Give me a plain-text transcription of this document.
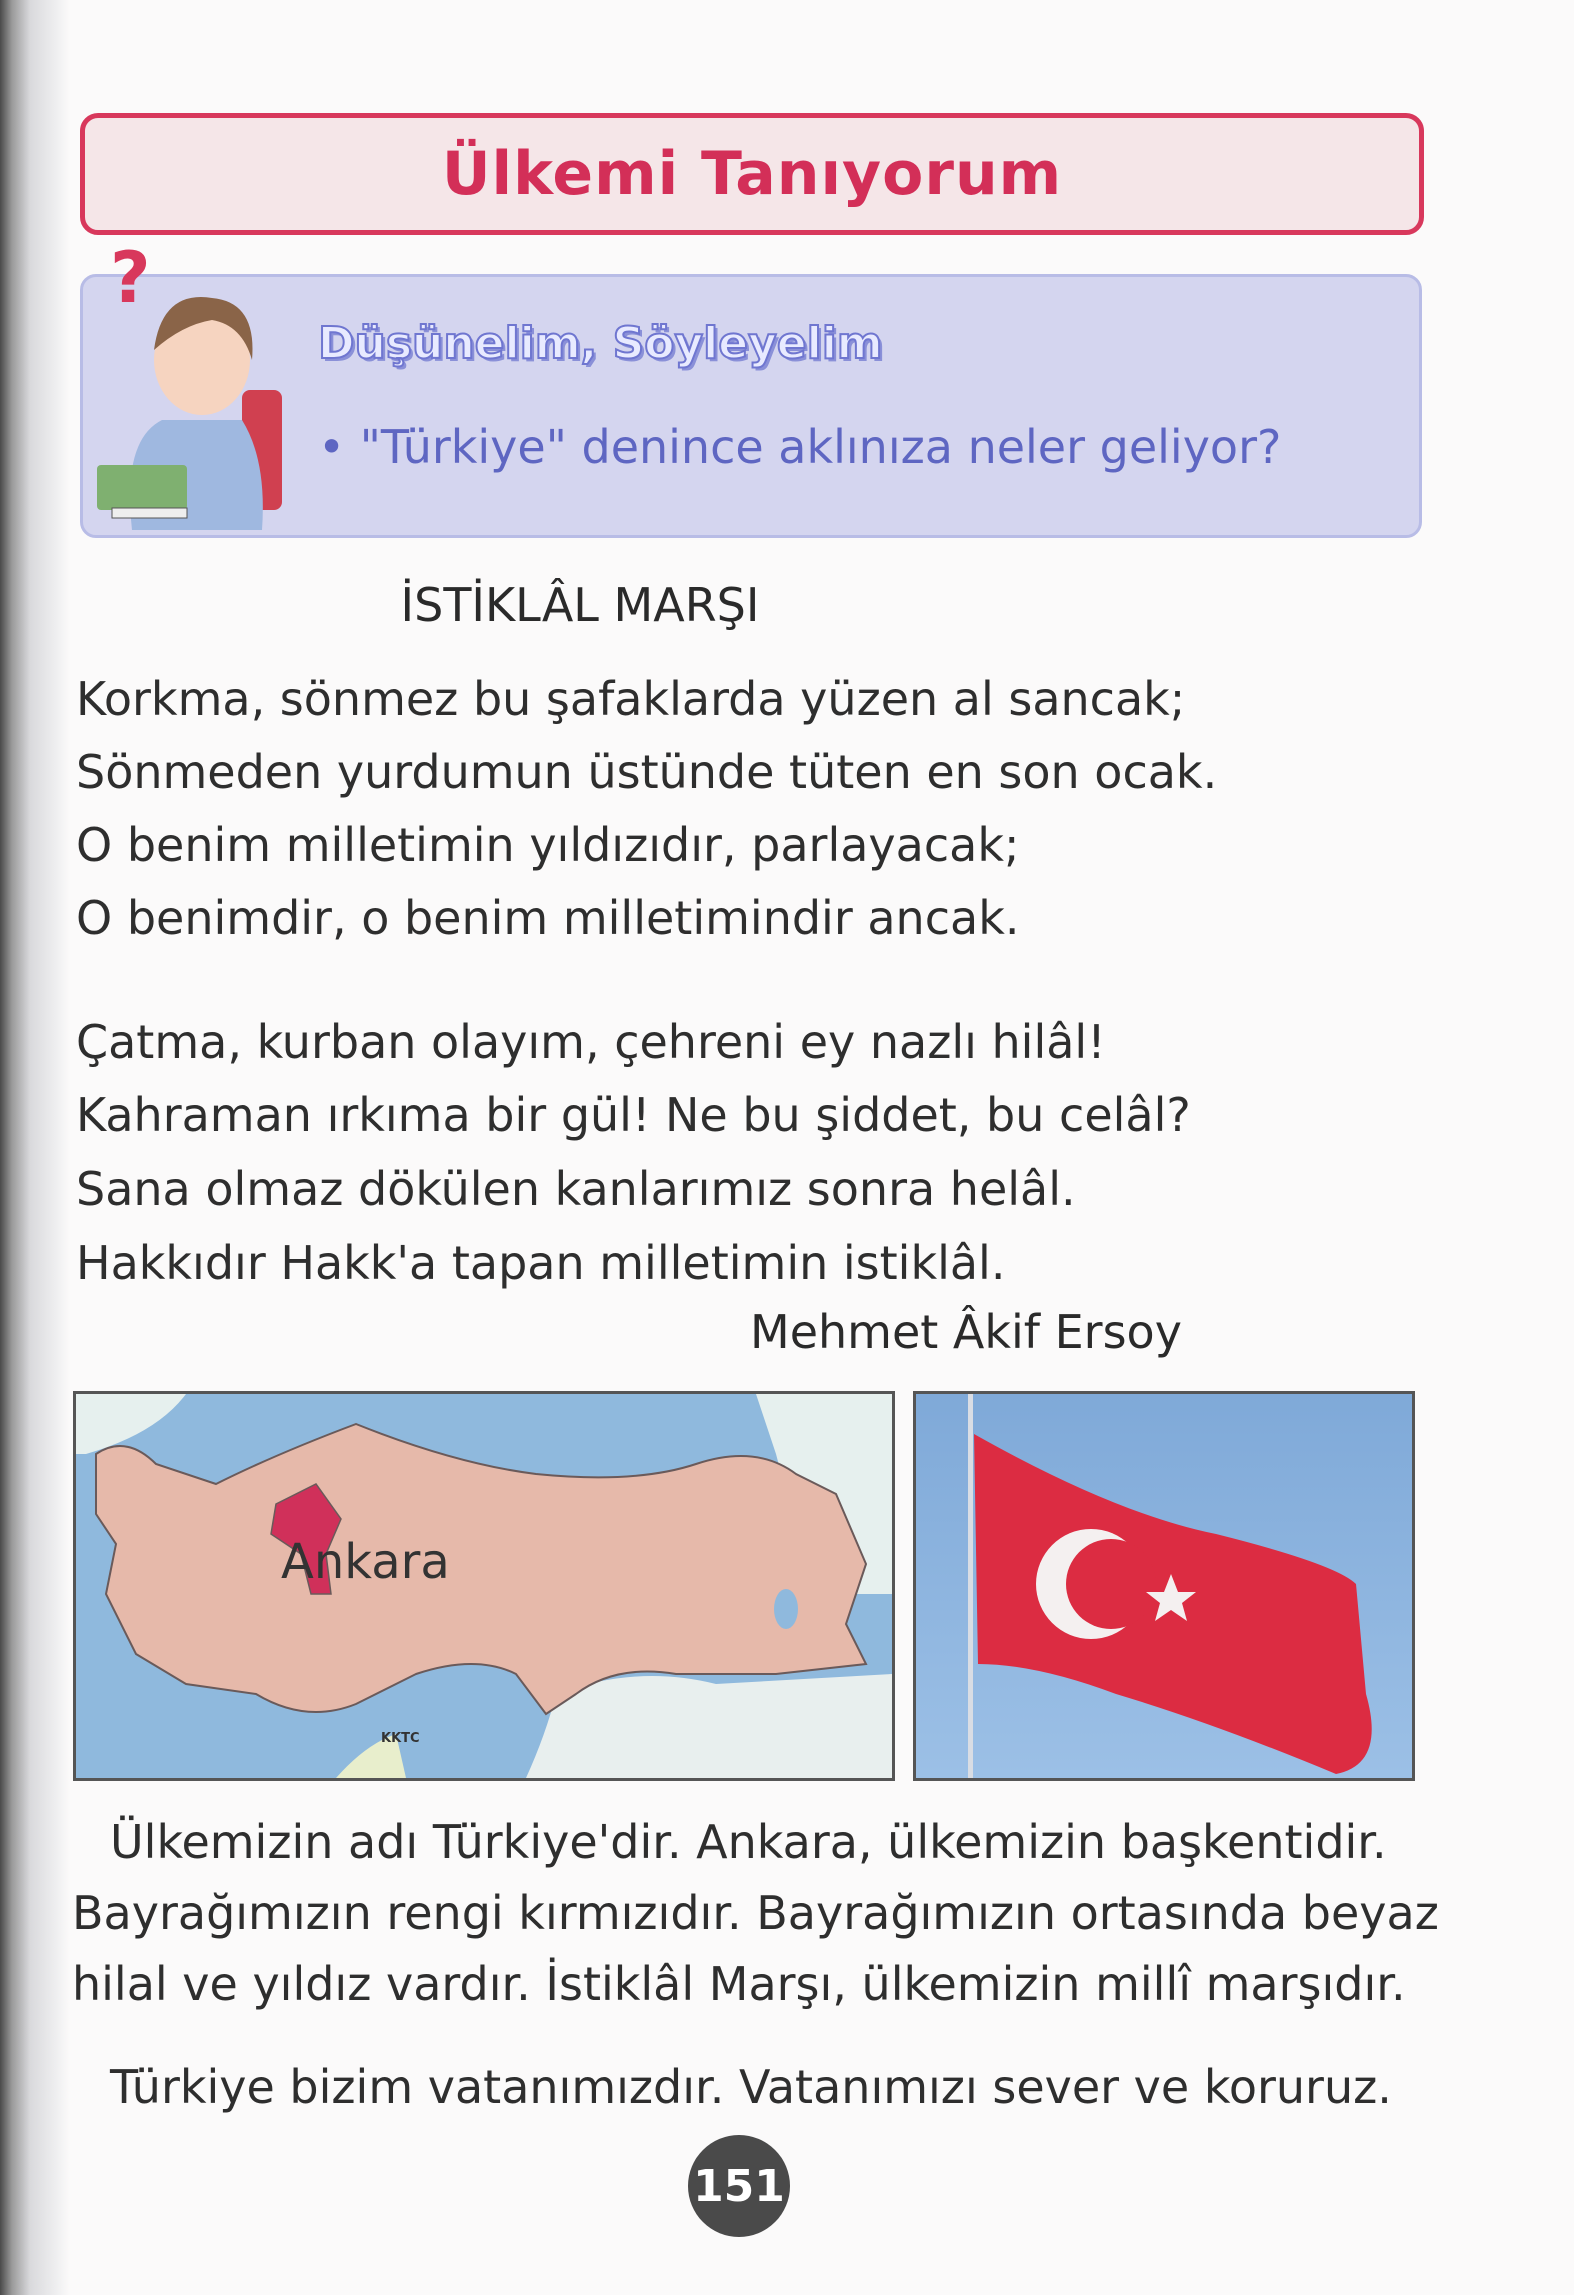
Ülkemi Tanıyorum
?
Düşünelim, Söyleyelim
• "Türkiye" denince aklınıza neler geliyor?
İSTİKLÂL MARŞI
Korkma, sönmez bu şafaklarda yüzen al sancak;
Sönmeden yurdumun üstünde tüten en son ocak.
O benim milletimin yıldızıdır, parlayacak;
O benimdir, o benim milletimindir ancak.
Çatma, kurban olayım, çehreni ey nazlı hilâl!
Kahraman ırkıma bir gül! Ne bu şiddet, bu celâl?
Sana olmaz dökülen kanlarımız sonra helâl.
Hakkıdır Hakk'a tapan milletimin istiklâl.
Mehmet Âkif Ersoy
Ankara
KKTC
Ülkemizin adı Türkiye'dir. Ankara, ülkemizin başkentidir.
Bayrağımızın rengi kırmızıdır. Bayrağımızın ortasında beyaz
hilal ve yıldız vardır. İstiklâl Marşı, ülkemizin millî marşıdır.
Türkiye bizim vatanımızdır. Vatanımızı sever ve koruruz.
151
